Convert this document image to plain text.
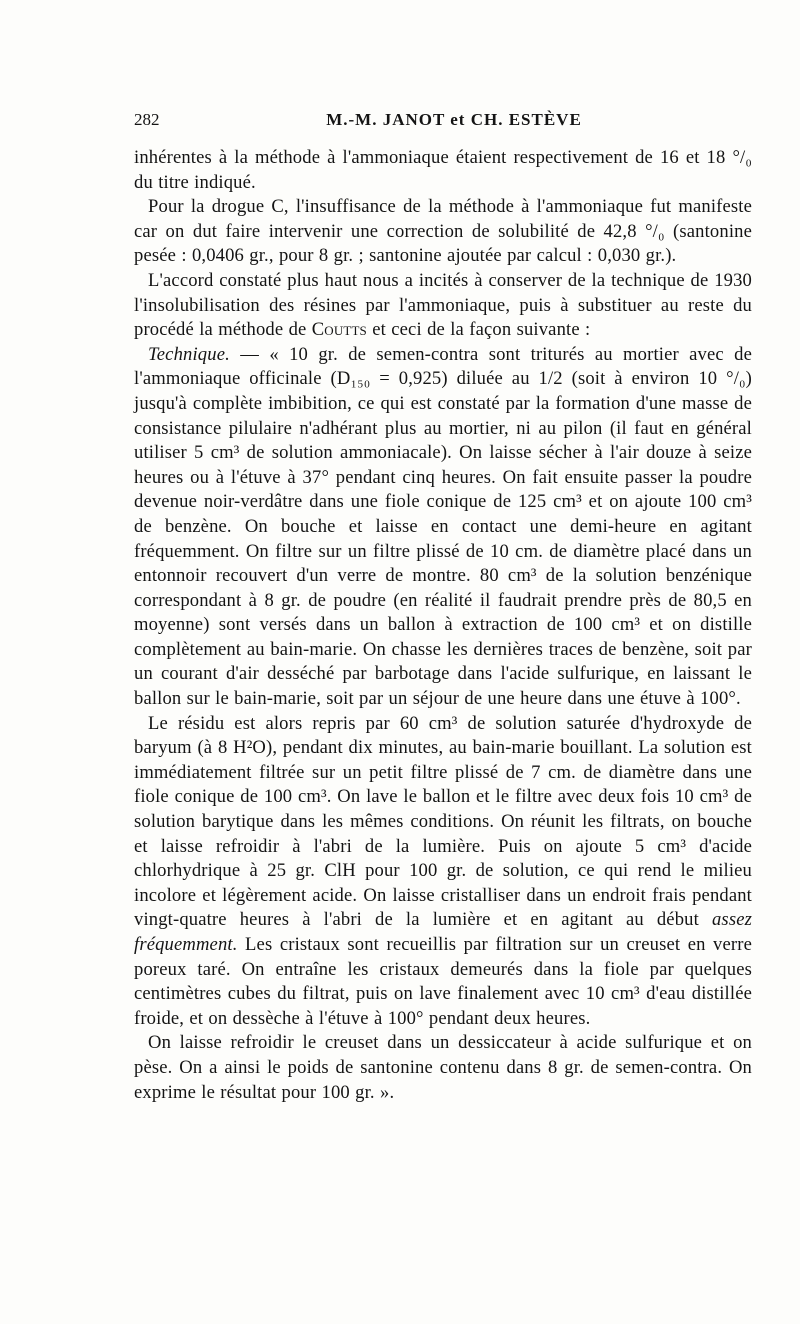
282	M.-M. JANOT et CH. ESTÈVE

inhérentes à la méthode à l'ammoniaque étaient respectivement de 16 et 18 °/₀ du titre indiqué.

Pour la drogue C, l'insuffisance de la méthode à l'ammoniaque fut manifeste car on dut faire intervenir une correction de solubilité de 42,8 °/₀ (santonine pesée : 0,0406 gr., pour 8 gr. ; santonine ajoutée par calcul : 0,030 gr.).

L'accord constaté plus haut nous a incités à conserver de la technique de 1930 l'insolubilisation des résines par l'ammoniaque, puis à substituer au reste du procédé la méthode de Coutts et ceci de la façon suivante :

Technique. — « 10 gr. de semen-contra sont triturés au mortier avec de l'ammoniaque officinale (D₁₅₀ = 0,925) diluée au 1/2 (soit à environ 10 °/₀) jusqu'à complète imbibition, ce qui est constaté par la formation d'une masse de consistance pilulaire n'adhérant plus au mortier, ni au pilon (il faut en général utiliser 5 cm³ de solution ammoniacale). On laisse sécher à l'air douze à seize heures ou à l'étuve à 37° pendant cinq heures. On fait ensuite passer la poudre devenue noir-verdâtre dans une fiole conique de 125 cm³ et on ajoute 100 cm³ de benzène. On bouche et laisse en contact une demi-heure en agitant fréquemment. On filtre sur un filtre plissé de 10 cm. de diamètre placé dans un entonnoir recouvert d'un verre de montre. 80 cm³ de la solution benzénique correspondant à 8 gr. de poudre (en réalité il faudrait prendre près de 80,5 en moyenne) sont versés dans un ballon à extraction de 100 cm³ et on distille complètement au bain-marie. On chasse les dernières traces de benzène, soit par un courant d'air desséché par barbotage dans l'acide sulfurique, en laissant le ballon sur le bain-marie, soit par un séjour de une heure dans une étuve à 100°.

Le résidu est alors repris par 60 cm³ de solution saturée d'hydroxyde de baryum (à 8 H²O), pendant dix minutes, au bain-marie bouillant. La solution est immédiatement filtrée sur un petit filtre plissé de 7 cm. de diamètre dans une fiole conique de 100 cm³. On lave le ballon et le filtre avec deux fois 10 cm³ de solution barytique dans les mêmes conditions. On réunit les filtrats, on bouche et laisse refroidir à l'abri de la lumière. Puis on ajoute 5 cm³ d'acide chlorhydrique à 25 gr. ClH pour 100 gr. de solution, ce qui rend le milieu incolore et légèrement acide. On laisse cristalliser dans un endroit frais pendant vingt-quatre heures à l'abri de la lumière et en agitant au début assez fréquemment. Les cristaux sont recueillis par filtration sur un creuset en verre poreux taré. On entraîne les cristaux demeurés dans la fiole par quelques centimètres cubes du filtrat, puis on lave finalement avec 10 cm³ d'eau distillée froide, et on dessèche à l'étuve à 100° pendant deux heures.

On laisse refroidir le creuset dans un dessiccateur à acide sulfurique et on pèse. On a ainsi le poids de santonine contenu dans 8 gr. de semen-contra. On exprime le résultat pour 100 gr. ».
